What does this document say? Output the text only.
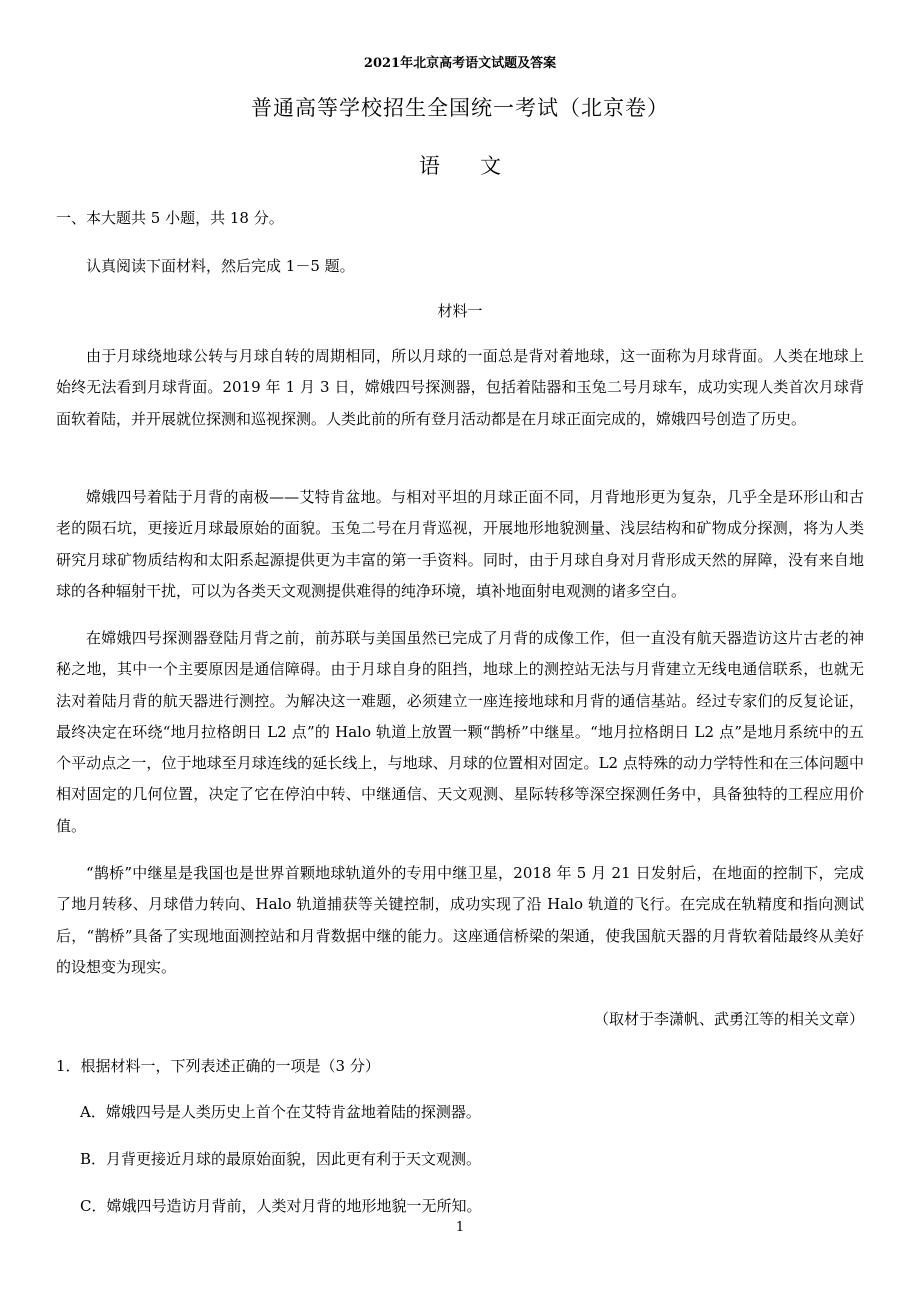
2021年北京高考语文试题及答案
普通高等学校招生全国统一考试（北京卷）
语文
一、本大题共 5 小题，共 18 分。
认真阅读下面材料，然后完成 1－5 题。
材料一
由于月球绕地球公转与月球自转的周期相同，所以月球的一面总是背对着地球，这一面称为月球背面。人类在地球上始终无法看到月球背面。2019 年 1 月 3 日，嫦娥四号探测器，包括着陆器和玉兔二号月球车，成功实现人类首次月球背面软着陆，并开展就位探测和巡视探测。人类此前的所有登月活动都是在月球正面完成的，嫦娥四号创造了历史。
嫦娥四号着陆于月背的南极——艾特肯盆地。与相对平坦的月球正面不同，月背地形更为复杂，几乎全是环形山和古老的陨石坑，更接近月球最原始的面貌。玉兔二号在月背巡视，开展地形地貌测量、浅层结构和矿物成分探测，将为人类研究月球矿物质结构和太阳系起源提供更为丰富的第一手资料。同时，由于月球自身对月背形成天然的屏障，没有来自地球的各种辐射干扰，可以为各类天文观测提供难得的纯净环境，填补地面射电观测的诸多空白。
在嫦娥四号探测器登陆月背之前，前苏联与美国虽然已完成了月背的成像工作，但一直没有航天器造访这片古老的神秘之地，其中一个主要原因是通信障碍。由于月球自身的阻挡，地球上的测控站无法与月背建立无线电通信联系，也就无法对着陆月背的航天器进行测控。为解决这一难题，必须建立一座连接地球和月背的通信基站。经过专家们的反复论证，最终决定在环绕“地月拉格朗日 L2 点”的 Halo 轨道上放置一颗“鹊桥”中继星。“地月拉格朗日 L2 点”是地月系统中的五个平动点之一，位于地球至月球连线的延长线上，与地球、月球的位置相对固定。L2 点特殊的动力学特性和在三体问题中相对固定的几何位置，决定了它在停泊中转、中继通信、天文观测、星际转移等深空探测任务中，具备独特的工程应用价值。
“鹊桥”中继星是我国也是世界首颗地球轨道外的专用中继卫星，2018 年 5 月 21 日发射后，在地面的控制下，完成了地月转移、月球借力转向、Halo 轨道捕获等关键控制，成功实现了沿 Halo 轨道的飞行。在完成在轨精度和指向测试后，“鹊桥”具备了实现地面测控站和月背数据中继的能力。这座通信桥梁的架通，使我国航天器的月背软着陆最终从美好的设想变为现实。
（取材于李潇帆、武勇江等的相关文章）
1．根据材料一，下列表述正确的一项是（3 分）
A．嫦娥四号是人类历史上首个在艾特肯盆地着陆的探测器。
B．月背更接近月球的最原始面貌，因此更有利于天文观测。
C．嫦娥四号造访月背前，人类对月背的地形地貌一无所知。
1
